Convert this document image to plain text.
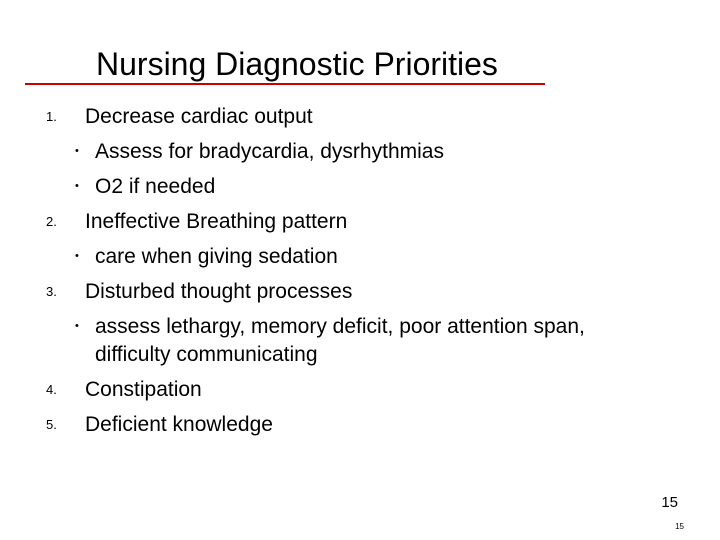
Nursing Diagnostic Priorities
1. Decrease cardiac output
• Assess for bradycardia, dysrhythmias
• O2 if needed
2. Ineffective Breathing pattern
• care when giving sedation
3. Disturbed thought processes
• assess lethargy, memory deficit, poor attention span,
difficulty communicating
4. Constipation
5. Deficient knowledge
15
15
